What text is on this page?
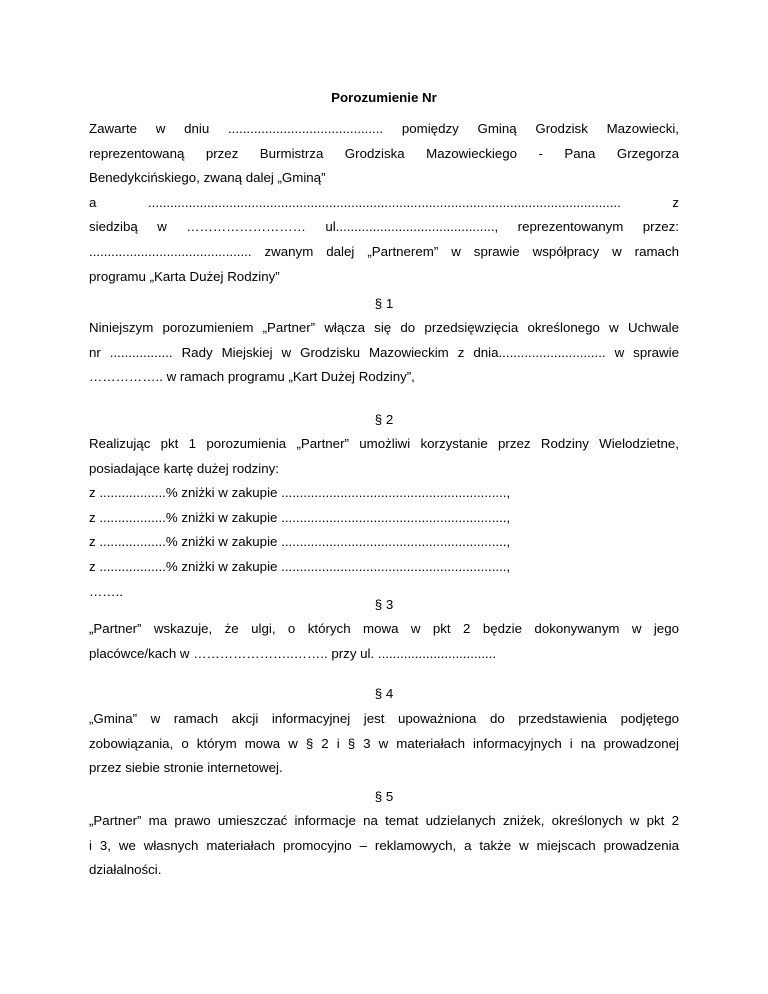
Porozumienie Nr

Zawarte w dniu .......................................... pomiędzy Gminą Grodzisk Mazowiecki,

reprezentowaną przez Burmistrza Grodziska Mazowieckiego - Pana Grzegorza

Benedykcińskiego, zwaną dalej „Gminą”

a	................................................................................................................................	z

siedzibą w ……………………… ul..........................................., reprezentowanym przez:

............................................ zwanym dalej „Partnerem” w sprawie współpracy w ramach

programu „Karta Dużej Rodziny”

§ 1

Niniejszym porozumieniem „Partner” włącza się do przedsięwzięcia określonego w Uchwale

nr ................. Rady Miejskiej w Grodzisku Mazowieckim z dnia............................. w sprawie

…………….. w ramach programu „Kart Dużej Rodziny”,

§ 2

Realizując pkt 1 porozumienia „Partner” umożliwi korzystanie przez Rodziny Wielodzietne,

posiadające kartę dużej rodziny:

z ..................% zniżki w zakupie .............................................................,

z ..................% zniżki w zakupie .............................................................,

z ..................% zniżki w zakupie .............................................................,

z ..................% zniżki w zakupie .............................................................,

……..

§ 3

„Partner” wskazuje, że ulgi, o których mowa w pkt 2 będzie dokonywanym w jego

placówce/kach w …………………..…….. przy ul. ................................

§ 4

„Gmina” w ramach akcji informacyjnej jest upoważniona do przedstawienia podjętego

zobowiązania, o którym mowa w § 2 i § 3 w materiałach informacyjnych i na prowadzonej

przez siebie stronie internetowej.

§ 5

„Partner” ma prawo umieszczać informacje na temat udzielanych zniżek, określonych w pkt 2

i 3, we własnych materiałach promocyjno – reklamowych, a także w miejscach prowadzenia

działalności.
